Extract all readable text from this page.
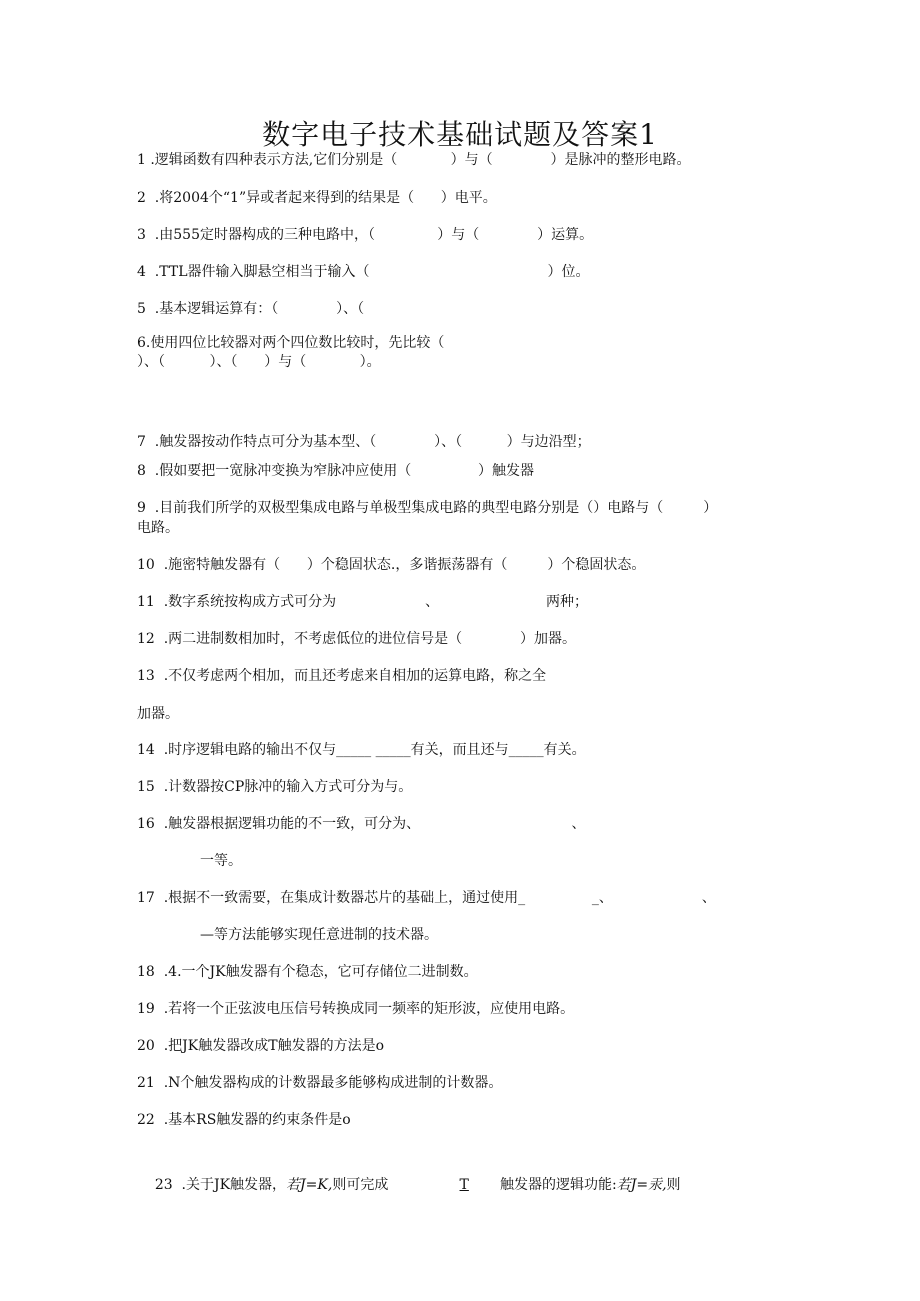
数字电子技术基础试题及答案1
1 .逻辑函数有四种表示方法,它们分别是（            ）与（             ）是脉冲的整形电路。
2  .将2004个“1”异或者起来得到的结果是（      ）电平。
3  .由555定时器构成的三种电路中，（              ）与（             ）运算。
4  .TTL器件输入脚悬空相当于输入（                                        ）位。
5  .基本逻辑运算有：（             ）、（
6.使用四位比较器对两个四位数比较时，先比较（
）、（          ）、（      ）与（            ）。
7  .触发器按动作特点可分为基本型、（             ）、（          ）与边沿型；
8  .假如要把一宽脉冲变换为窄脉冲应使用（               ）触发器
9  .目前我们所学的双极型集成电路与单极型集成电路的典型电路分别是（）电路与（         ）
电路。
10  .施密特触发器有（      ）个稳固状态.，多谐振荡器有（         ）个稳固状态。
11  .数字系统按构成方式可分为                    、                        两种；
12  .两二进制数相加时，不考虑低位的进位信号是（             ）加器。
13  .不仅考虑两个相加，而且还考虑来自相加的运算电路，称之全
加器。
14  .时序逻辑电路的输出不仅与_____ _____有关，而且还与_____有关。
15  .计数器按CP脉冲的输入方式可分为与。
16  .触发器根据逻辑功能的不一致，可分为、                                  、
一等。
17  .根据不一致需要，在集成计数器芯片的基础上，通过使用_               _、                    、
—等方法能够实现任意进制的技术器。
18  .4.一个JK触发器有个稳态，它可存储位二进制数。
19  .若将一个正弦波电压信号转换成同一频率的矩形波，应使用电路。
20  .把JK触发器改成T触发器的方法是o
21  .N个触发器构成的计数器最多能够构成进制的计数器。
22  .基本RS触发器的约束条件是o

23  .关于JK触发器，若J=K,则可完成                T       触发器的逻辑功能:若J=汞,则
